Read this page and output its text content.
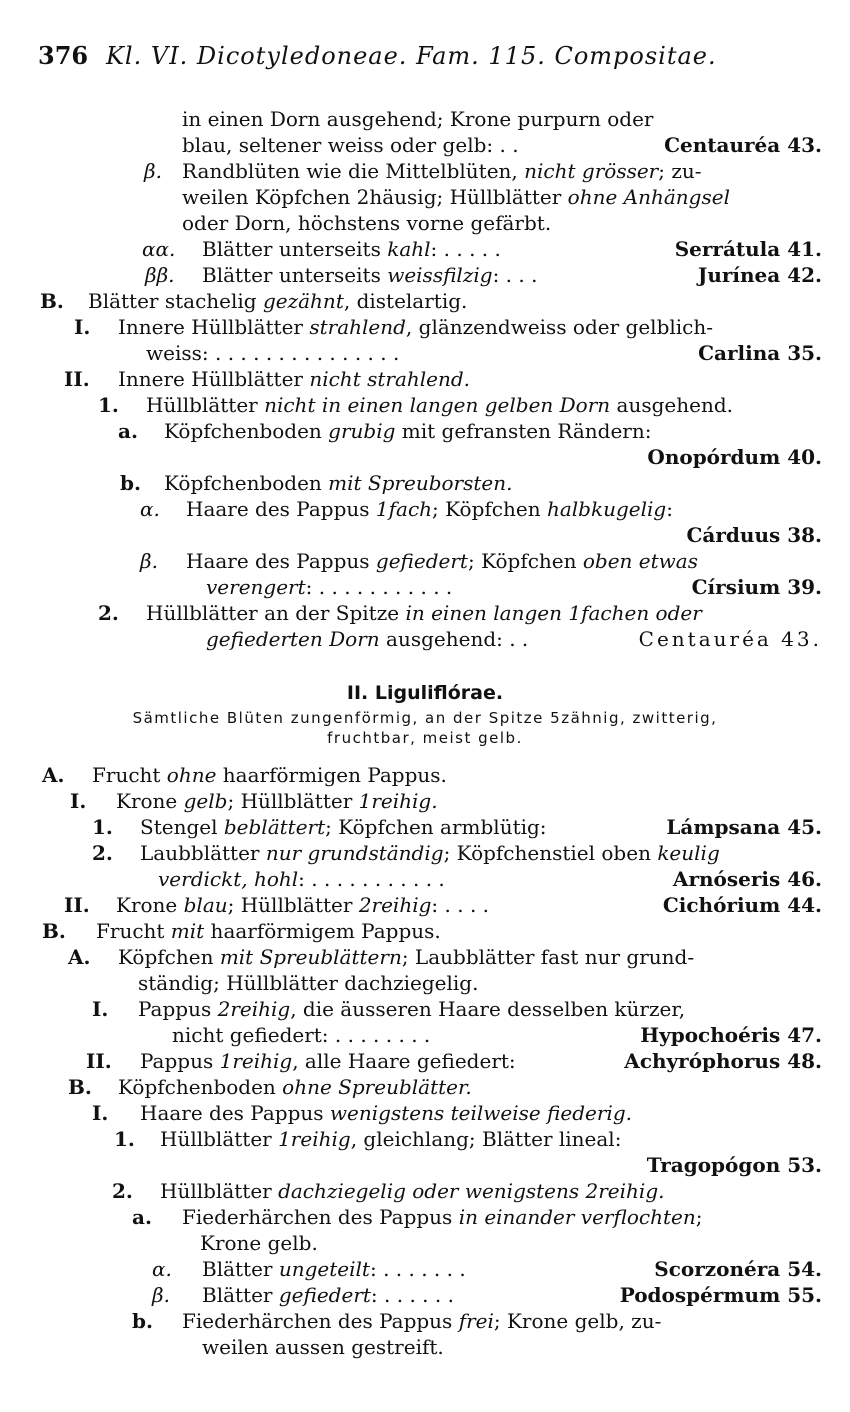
376 Kl. VI. Dicotyledoneae. Fam. 115. Compositae.
in einen Dorn ausgehend; Krone purpurn oder
blau, seltener weiss oder gelb: . .	Centauréa 43.
β. Randblüten wie die Mittelblüten, nicht grösser; zu-
weilen Köpfchen 2häusig; Hüllblätter ohne Anhängsel
oder Dorn, höchstens vorne gefärbt.
αα. Blätter unterseits kahl: . . . . .	Serrátula 41.
ββ. Blätter unterseits weissfilzig: . . .	Jurínea 42.
B. Blätter stachelig gezähnt, distelartig.
I. Innere Hüllblätter strahlend, glänzendweiss oder gelblich-
weiss: . . . . . . . . . . . . . . .	Carlina 35.
II. Innere Hüllblätter nicht strahlend.
1. Hüllblätter nicht in einen langen gelben Dorn ausgehend.
a. Köpfchenboden grubig mit gefransten Rändern:
Onopórdum 40.
b. Köpfchenboden mit Spreuborsten.
α. Haare des Pappus 1fach; Köpfchen halbkugelig:
Cárduus 38.
β. Haare des Pappus gefiedert; Köpfchen oben etwas
verengert: . . . . . . . . . . .	Círsium 39.
2. Hüllblätter an der Spitze in einen langen 1fachen oder
gefiederten Dorn ausgehend: . .	Centauréa 43.
II. Liguliflórae.
Sämtliche Blüten zungenförmig, an der Spitze 5zähnig, zwitterig,
fruchtbar, meist gelb.
A. Frucht ohne haarförmigen Pappus.
I. Krone gelb; Hüllblätter 1reihig.
1. Stengel beblättert; Köpfchen armblütig:	Lámpsana 45.
2. Laubblätter nur grundständig; Köpfchenstiel oben keulig
verdickt, hohl: . . . . . . . . . . .	Arnóseris 46.
II. Krone blau; Hüllblätter 2reihig: . . . .	Cichórium 44.
B. Frucht mit haarförmigem Pappus.
A. Köpfchen mit Spreublättern; Laubblätter fast nur grund-
ständig; Hüllblätter dachziegelig.
I. Pappus 2reihig, die äusseren Haare desselben kürzer,
nicht gefiedert: . . . . . . . .	Hypochoéris 47.
II. Pappus 1reihig, alle Haare gefiedert:	Achyróphorus 48.
B. Köpfchenboden ohne Spreublätter.
I. Haare des Pappus wenigstens teilweise fiederig.
1. Hüllblätter 1reihig, gleichlang; Blätter lineal:
Tragopógon 53.
2. Hüllblätter dachziegelig oder wenigstens 2reihig.
a. Fiederhärchen des Pappus in einander verflochten;
Krone gelb.
α. Blätter ungeteilt: . . . . . . .	Scorzonéra 54.
β. Blätter gefiedert: . . . . . .	Podospérmum 55.
b. Fiederhärchen des Pappus frei; Krone gelb, zu-
weilen aussen gestreift.
